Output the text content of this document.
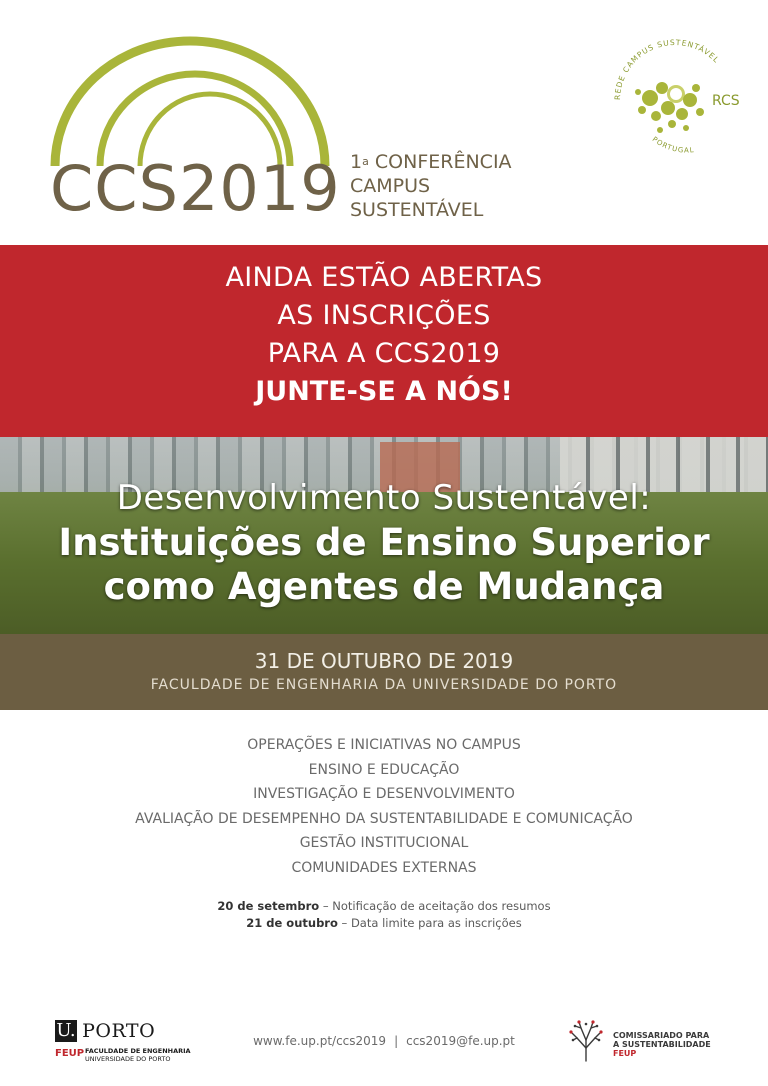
CCS2019 1$^a$ CONFERÊNCIA
CAMPUS
SUSTENTÁVEL
REDE CAMPUS SUSTENTÁVEL
PORTUGAL
RCS
AINDA ESTÃO ABERTAS
AS INSCRIÇÕES
PARA A CCS2019
JUNTE-SE A NÓS!
Desenvolvimento Sustentável:
Instituições de Ensino Superior
como Agentes de Mudança
31 DE OUTUBRO DE 2019
FACULDADE DE ENGENHARIA DA UNIVERSIDADE DO PORTO
OPERAÇÕES E INICIATIVAS NO CAMPUS
ENSINO E EDUCAÇÃO
INVESTIGAÇÃO E DESENVOLVIMENTO
AVALIAÇÃO DE DESEMPENHO DA SUSTENTABILIDADE E COMUNICAÇÃO
GESTÃO INSTITUCIONAL
COMUNIDADES EXTERNAS
20 de setembro – Notificação de aceitação dos resumos
21 de outubro – Data limite para as inscrições
U. PORTO
FEUP FACULDADE DE ENGENHARIA
UNIVERSIDADE DO PORTO
www.fe.up.pt/ccs2019 | ccs2019@fe.up.pt	COMISSARIADO PARA
A SUSTENTABILIDADE
FEUP
